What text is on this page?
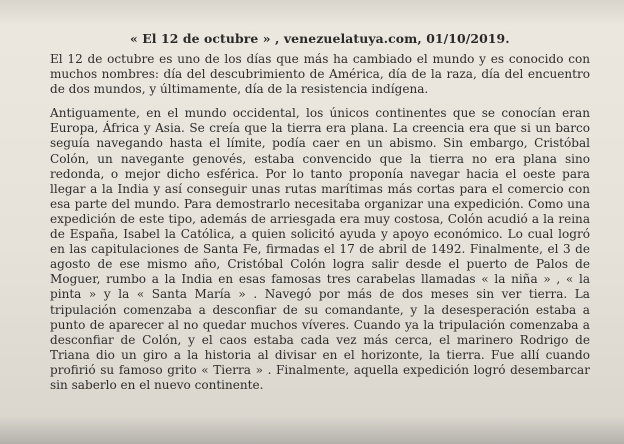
« El 12 de octubre » , venezuelatuya.com, 01/10/2019.

El 12 de octubre es uno de los días que más ha cambiado el mundo y es conocido con muchos nombres: día del descubrimiento de América, día de la raza, día del encuentro de dos mundos, y últimamente, día de la resistencia indígena.

Antiguamente, en el mundo occidental, los únicos continentes que se conocían eran Europa, África y Asia. Se creía que la tierra era plana. La creencia era que si un barco seguía navegando hasta el límite, podía caer en un abismo. Sin embargo, Cristóbal Colón, un navegante genovés, estaba convencido que la tierra no era plana sino redonda, o mejor dicho esférica. Por lo tanto proponía navegar hacia el oeste para llegar a la India y así conseguir unas rutas marítimas más cortas para el comercio con esa parte del mundo. Para demostrarlo necesitaba organizar una expedición. Como una expedición de este tipo, además de arriesgada era muy costosa, Colón acudió a la reina de España, Isabel la Católica, a quien solicitó ayuda y apoyo económico. Lo cual logró en las capitulaciones de Santa Fe, firmadas el 17 de abril de 1492. Finalmente, el 3 de agosto de ese mismo año, Cristóbal Colón logra salir desde el puerto de Palos de Moguer, rumbo a la India en esas famosas tres carabelas llamadas « la niña » , « la pinta » y la « Santa María » . Navegó por más de dos meses sin ver tierra. La tripulación comenzaba a desconfiar de su comandante, y la desesperación estaba a punto de aparecer al no quedar muchos víveres. Cuando ya la tripulación comenzaba a desconfiar de Colón, y el caos estaba cada vez más cerca, el marinero Rodrigo de Triana dio un giro a la historia al divisar en el horizonte, la tierra. Fue allí cuando profirió su famoso grito « Tierra » . Finalmente, aquella expedición logró desembarcar sin saberlo en el nuevo continente.
